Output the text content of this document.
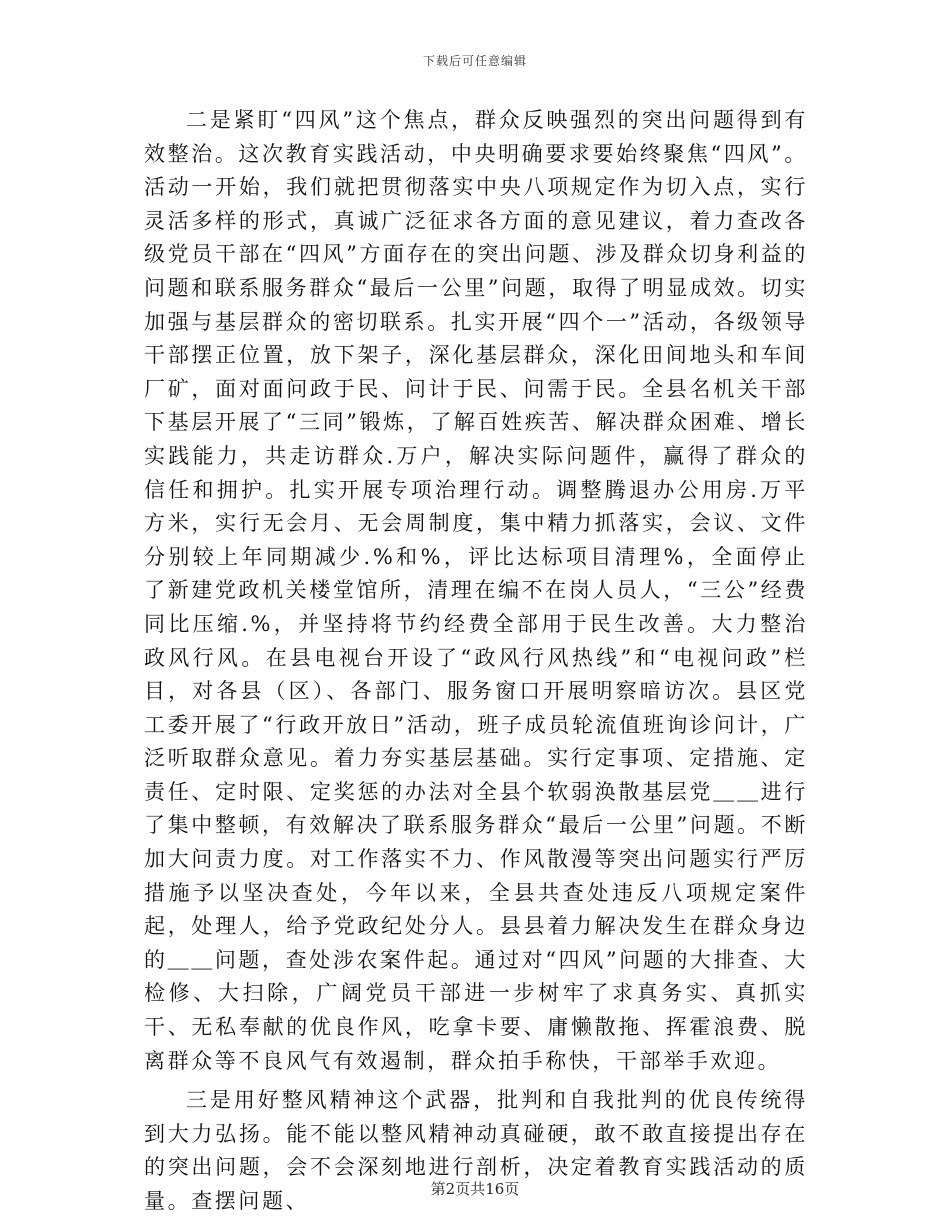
下载后可任意编辑

二是紧盯“四风”这个焦点，群众反映强烈的突出问题得到有效整治。这次教育实践活动，中央明确要求要始终聚焦“四风”。活动一开始，我们就把贯彻落实中央八项规定作为切入点，实行灵活多样的形式，真诚广泛征求各方面的意见建议，着力查改各级党员干部在“四风”方面存在的突出问题、涉及群众切身利益的问题和联系服务群众“最后一公里”问题，取得了明显成效。切实加强与基层群众的密切联系。扎实开展“四个一”活动，各级领导干部摆正位置，放下架子，深化基层群众，深化田间地头和车间厂矿，面对面问政于民、问计于民、问需于民。全县名机关干部下基层开展了“三同”锻炼，了解百姓疾苦、解决群众困难、增长实践能力，共走访群众.万户，解决实际问题件，赢得了群众的信任和拥护。扎实开展专项治理行动。调整腾退办公用房.万平方米，实行无会月、无会周制度，集中精力抓落实，会议、文件分别较上年同期减少.%和%，评比达标项目清理%，全面停止了新建党政机关楼堂馆所，清理在编不在岗人员人，“三公”经费同比压缩.%，并坚持将节约经费全部用于民生改善。大力整治政风行风。在县电视台开设了“政风行风热线”和“电视问政”栏目，对各县（区）、各部门、服务窗口开展明察暗访次。县区党工委开展了“行政开放日”活动，班子成员轮流值班询诊问计，广泛听取群众意见。着力夯实基层基础。实行定事项、定措施、定责任、定时限、定奖惩的办法对全县个软弱涣散基层党＿＿进行了集中整顿，有效解决了联系服务群众“最后一公里”问题。不断加大问责力度。对工作落实不力、作风散漫等突出问题实行严厉措施予以坚决查处，今年以来，全县共查处违反八项规定案件起，处理人，给予党政纪处分人。县县着力解决发生在群众身边的＿＿问题，查处涉农案件起。通过对“四风”问题的大排查、大检修、大扫除，广阔党员干部进一步树牢了求真务实、真抓实干、无私奉献的优良作风，吃拿卡要、庸懒散拖、挥霍浪费、脱离群众等不良风气有效遏制，群众拍手称快，干部举手欢迎。

三是用好整风精神这个武器，批判和自我批判的优良传统得到大力弘扬。能不能以整风精神动真碰硬，敢不敢直接提出存在的突出问题，会不会深刻地进行剖析，决定着教育实践活动的质量。查摆问题、	第2页共16页
